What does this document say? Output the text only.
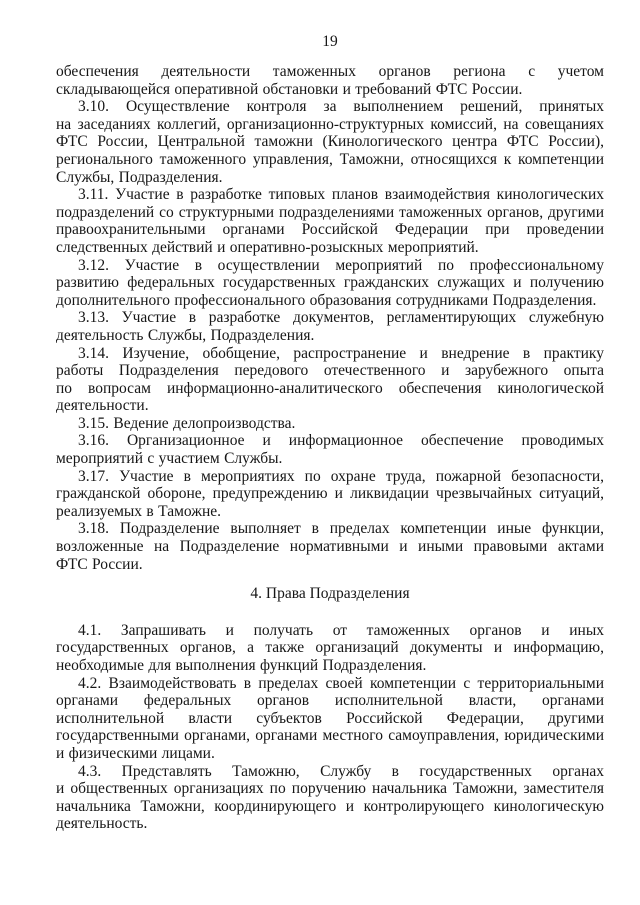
19
обеспечения деятельности таможенных органов региона с учетом
складывающейся оперативной обстановки и требований ФТС России.
3.10. Осуществление контроля за выполнением решений, принятых
на заседаниях коллегий, организационно-структурных комиссий, на совещаниях
ФТС России, Центральной таможни (Кинологического центра ФТС России),
регионального таможенного управления, Таможни, относящихся к компетенции
Службы, Подразделения.
3.11. Участие в разработке типовых планов взаимодействия кинологических
подразделений со структурными подразделениями таможенных органов, другими
правоохранительными органами Российской Федерации при проведении
следственных действий и оперативно-розыскных мероприятий.
3.12. Участие в осуществлении мероприятий по профессиональному
развитию федеральных государственных гражданских служащих и получению
дополнительного профессионального образования сотрудниками Подразделения.
3.13. Участие в разработке документов, регламентирующих служебную
деятельность Службы, Подразделения.
3.14. Изучение, обобщение, распространение и внедрение в практику
работы Подразделения передового отечественного и зарубежного опыта
по вопросам информационно-аналитического обеспечения кинологической
деятельности.
3.15. Ведение делопроизводства.
3.16. Организационное и информационное обеспечение проводимых
мероприятий с участием Службы.
3.17. Участие в мероприятиях по охране труда, пожарной безопасности,
гражданской обороне, предупреждению и ликвидации чрезвычайных ситуаций,
реализуемых в Таможне.
3.18. Подразделение выполняет в пределах компетенции иные функции,
возложенные на Подразделение нормативными и иными правовыми актами
ФТС России.
4. Права Подразделения
4.1. Запрашивать и получать от таможенных органов и иных
государственных органов, а также организаций документы и информацию,
необходимые для выполнения функций Подразделения.
4.2. Взаимодействовать в пределах своей компетенции с территориальными
органами федеральных органов исполнительной власти, органами
исполнительной власти субъектов Российской Федерации, другими
государственными органами, органами местного самоуправления, юридическими
и физическими лицами.
4.3. Представлять Таможню, Службу в государственных органах
и общественных организациях по поручению начальника Таможни, заместителя
начальника Таможни, координирующего и контролирующего кинологическую
деятельность.
